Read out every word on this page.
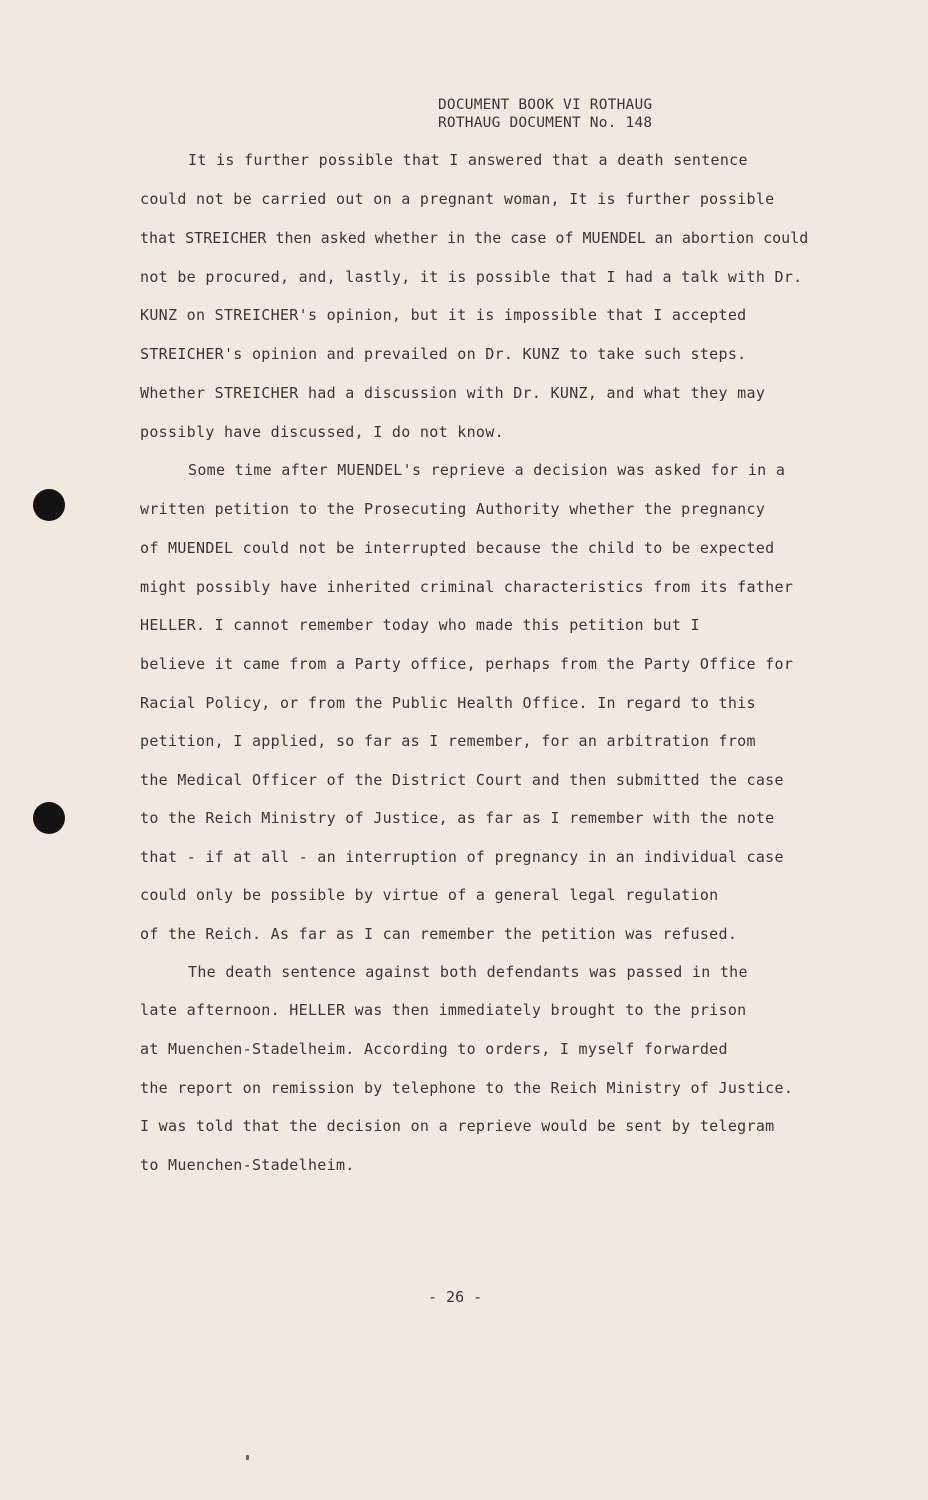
DOCUMENT BOOK VI ROTHAUG
ROTHAUG DOCUMENT No. 148
It is further possible that I answered that a death sentence
could not be carried out on a pregnant woman, It is further possible
that STREICHER then asked whether in the case of MUENDEL an abortion could
not be procured, and, lastly, it is possible that I had a talk with Dr.
KUNZ on STREICHER's opinion, but it is impossible that I accepted
STREICHER's opinion and prevailed on Dr. KUNZ to take such steps.
Whether STREICHER had a discussion with Dr. KUNZ, and what they may
possibly have discussed, I do not know.
Some time after MUENDEL's reprieve a decision was asked for in a
written petition to the Prosecuting Authority whether the pregnancy
of MUENDEL could not be interrupted because the child to be expected
might possibly have inherited criminal characteristics from its father
HELLER. I cannot remember today who made this petition but I
believe it came from a Party office, perhaps from the Party Office for
Racial Policy, or from the Public Health Office. In regard to this
petition, I applied, so far as I remember, for an arbitration from
the Medical Officer of the District Court and then submitted the case
to the Reich Ministry of Justice, as far as I remember with the note
that - if at all - an interruption of pregnancy in an individual case
could only be possible by virtue of a general legal regulation
of the Reich. As far as I can remember the petition was refused.
The death sentence against both defendants was passed in the
late afternoon. HELLER was then immediately brought to the prison
at Muenchen-Stadelheim. According to orders, I myself forwarded
the report on remission by telephone to the Reich Ministry of Justice.
I was told that the decision on a reprieve would be sent by telegram
to Muenchen-Stadelheim.
- 26 -
